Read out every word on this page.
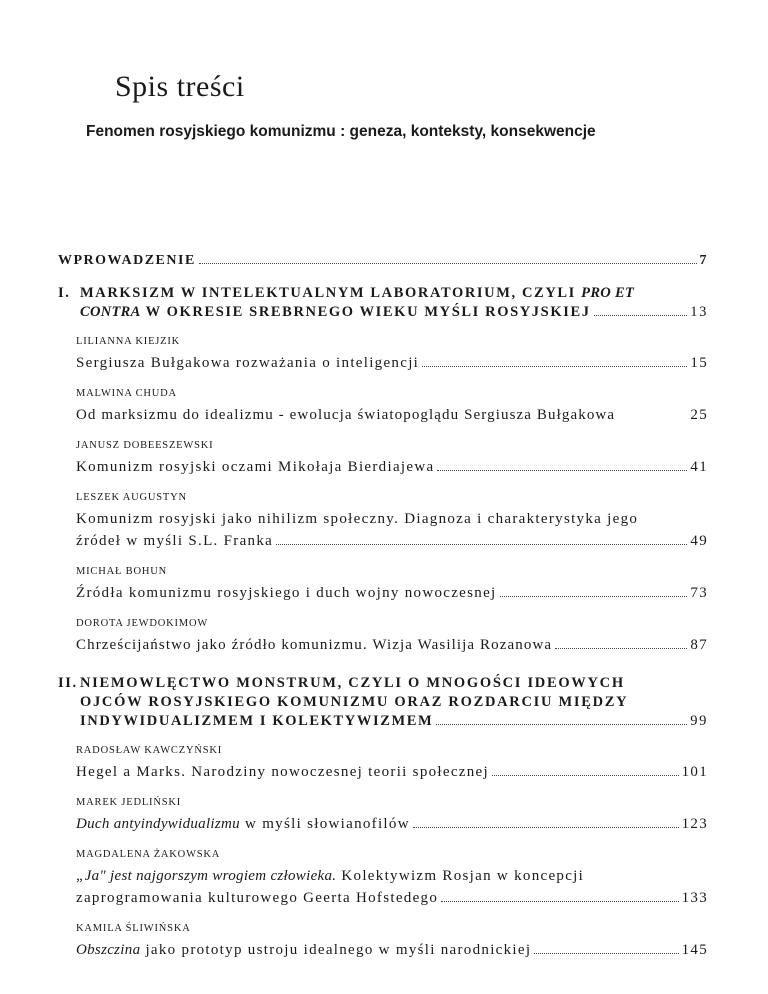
Spis treści
Fenomen rosyjskiego komunizmu : geneza, konteksty, konsekwencje
WPROWADZENIE	7
I. MARKSIZM W INTELEKTUALNYM LABORATORIUM, CZYLI PRO ET
CONTRA W OKRESIE SREBRNEGO WIEKU MYŚLI ROSYJSKIEJ	13
LILIANNA KIEJZIK
Sergiusza Bułgakowa rozważania o inteligencji	15
MALWINA CHUDA
Od marksizmu do idealizmu - ewolucja światopoglądu Sergiusza Bułgakowa	25
JANUSZ DOBEESZEWSKI
Komunizm rosyjski oczami Mikołaja Bierdiajewa	41
LESZEK AUGUSTYN
Komunizm rosyjski jako nihilizm społeczny. Diagnoza i charakterystyka jego
źródeł w myśli S.L. Franka	49
MICHAŁ BOHUN
Źródła komunizmu rosyjskiego i duch wojny nowoczesnej	73
DOROTA JEWDOKIMOW
Chrześcijaństwo jako źródło komunizmu. Wizja Wasilija Rozanowa	87
II. NIEMOWLĘCTWO MONSTRUM, CZYLI O MNOGOŚCI IDEOWYCH
OJCÓW ROSYJSKIEGO KOMUNIZMU ORAZ ROZDARCIU MIĘDZY
INDYWIDUALIZMEM I KOLEKTYWIZMEM	99
RADOSŁAW KAWCZYŃSKI
Hegel a Marks. Narodziny nowoczesnej teorii społecznej	101
MAREK JEDLIŃSKI
Duch antyindywidualizmu w myśli słowianofilów	123
MAGDALENA ŻAKOWSKA
„Ja" jest najgorszym wrogiem człowieka. Kolektywizm Rosjan w koncepcji
zaprogramowania kulturowego Geerta Hofstedego	133
KAMILA ŚLIWIŃSKA
Obszczina jako prototyp ustroju idealnego w myśli narodnickiej	145
